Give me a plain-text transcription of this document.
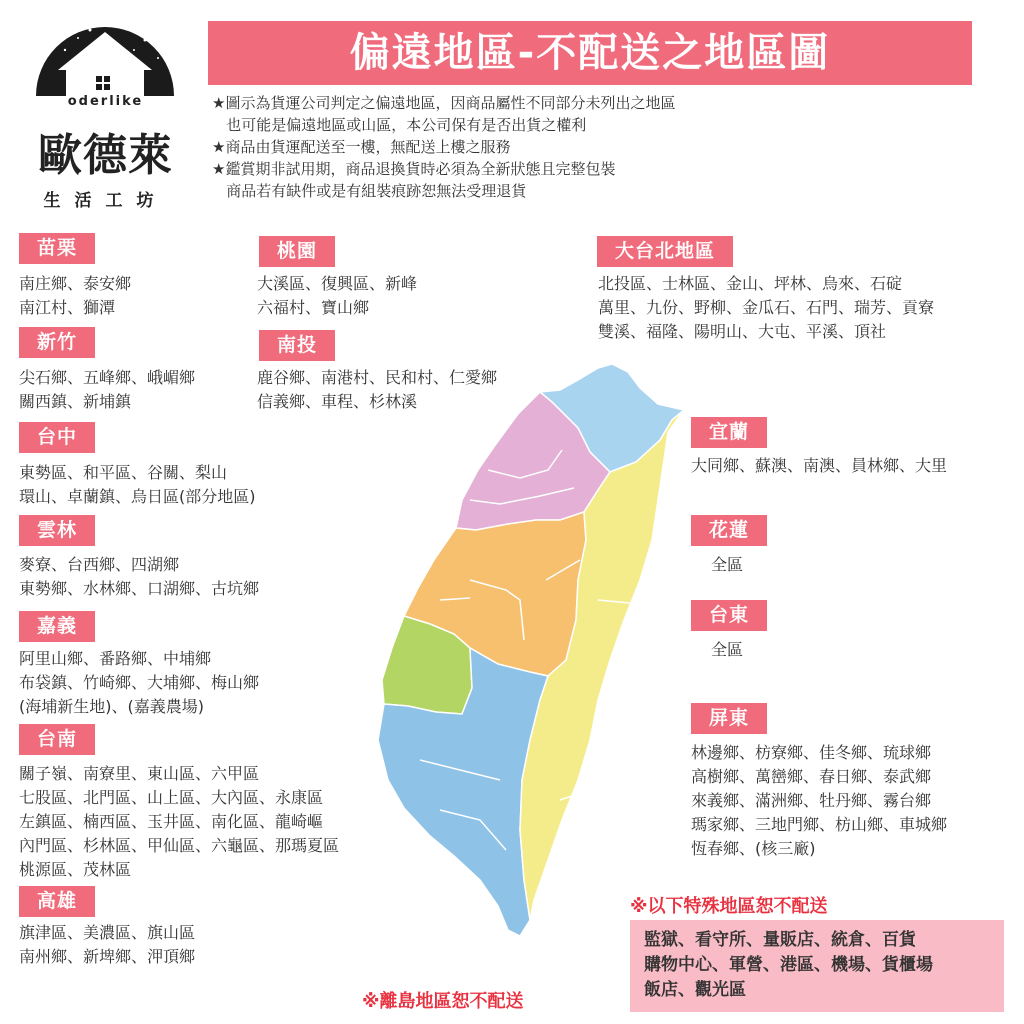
oderlike
歐德萊
生活工坊
偏遠地區-不配送之地區圖
★圖示為貨運公司判定之偏遠地區，因商品屬性不同部分未列出之地區
也可能是偏遠地區或山區，本公司保有是否出貨之權利
★商品由貨運配送至一樓，無配送上樓之服務
★鑑賞期非試用期，商品退換貨時必須為全新狀態且完整包裝
商品若有缺件或是有組裝痕跡恕無法受理退貨
苗栗
南庄鄉、泰安鄉
南江村、獅潭
桃園
大溪區、復興區、新峰
六福村、寶山鄉
大台北地區
北投區、士林區、金山、坪林、烏來、石碇
萬里、九份、野柳、金瓜石、石門、瑞芳、貢寮
雙溪、福隆、陽明山、大屯、平溪、頂社
新竹
尖石鄉、五峰鄉、峨嵋鄉
關西鎮、新埔鎮
南投
鹿谷鄉、南港村、民和村、仁愛鄉
信義鄉、車程、杉林溪
台中
東勢區、和平區、谷關、梨山
環山、卓蘭鎮、烏日區(部分地區)
宜蘭
大同鄉、蘇澳、南澳、員林鄉、大里
雲林
麥寮、台西鄉、四湖鄉
東勢鄉、水林鄉、口湖鄉、古坑鄉
花蓮
全區
嘉義
阿里山鄉、番路鄉、中埔鄉
布袋鎮、竹崎鄉、大埔鄉、梅山鄉
(海埔新生地)、(嘉義農場)
台東
全區
屏東
林邊鄉、枋寮鄉、佳冬鄉、琉球鄉
高樹鄉、萬巒鄉、春日鄉、泰武鄉
來義鄉、滿洲鄉、牡丹鄉、霧台鄉
瑪家鄉、三地門鄉、枋山鄉、車城鄉
恆春鄉、(核三廠)
台南
關子嶺、南寮里、東山區、六甲區
七股區、北門區、山上區、大內區、永康區
左鎮區、楠西區、玉井區、南化區、龍崎嶇
內門區、杉林區、甲仙區、六龜區、那瑪夏區
桃源區、茂林區
高雄
旗津區、美濃區、旗山區
南州鄉、新埤鄉、㳌頂鄉
※以下特殊地區恕不配送
監獄、看守所、量販店、統倉、百貨
購物中心、軍營、港區、機場、貨櫃場
飯店、觀光區
※離島地區恕不配送
